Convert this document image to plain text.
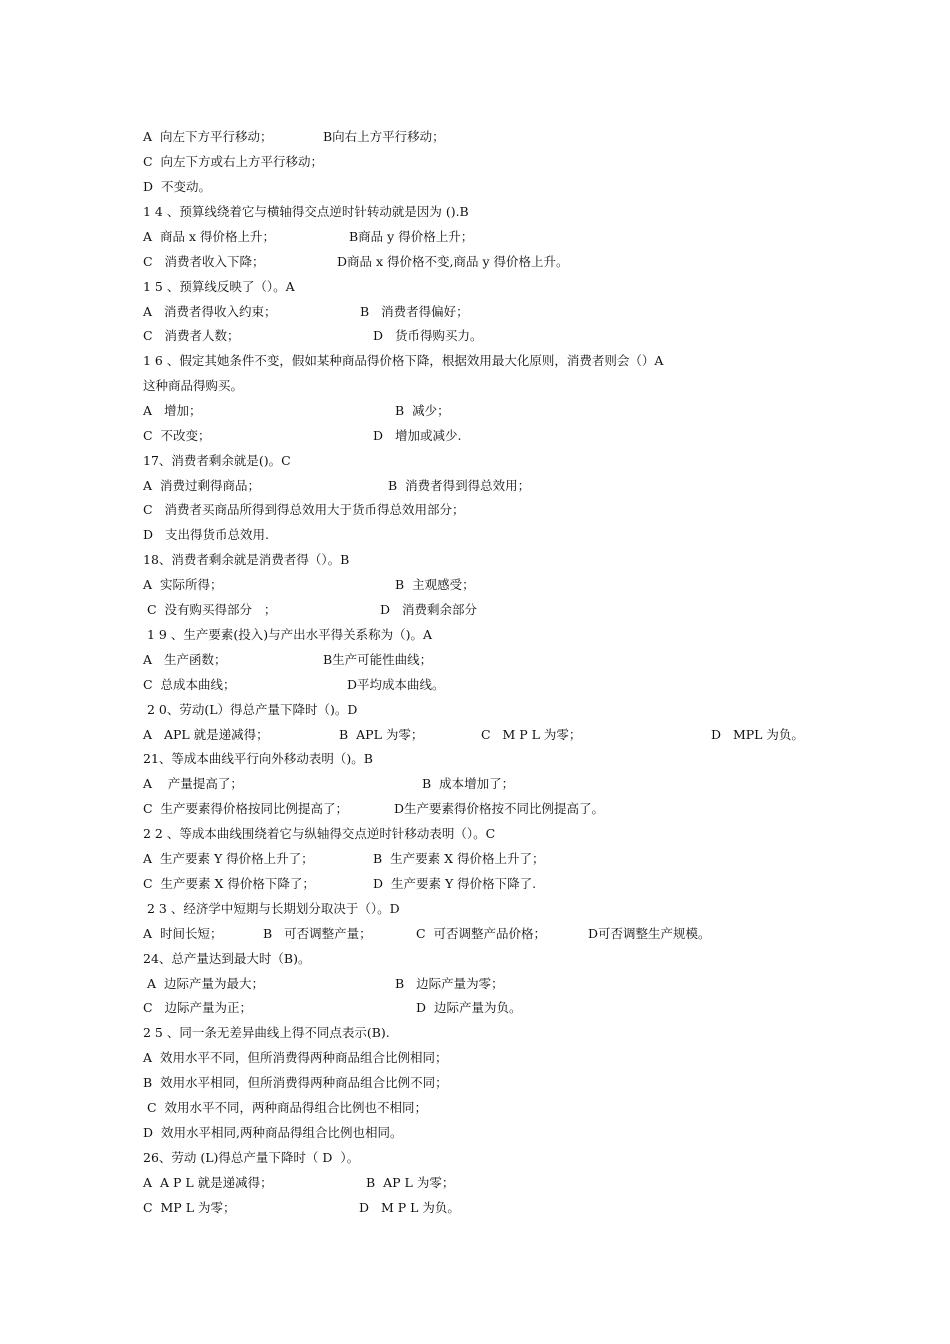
A  向左下方平行移动；	B向右上方平行移动；
C  向左下方或右上方平行移动；
D  不变动。
1 4 、预算线绕着它与横轴得交点逆时针转动就是因为 ().B
A  商品 x 得价格上升；	B商品 y 得价格上升；
C   消费者收入下降；	D商品 x 得价格不变,商品 y 得价格上升。
1 5 、预算线反映了（）。A
A   消费者得收入约束；	B   消费者得偏好；
C   消费者人数；	D   货币得购买力。
1 6 、假定其她条件不变，假如某种商品得价格下降，根据效用最大化原则，消费者则会（）A
这种商品得购买。
A   增加；	B  减少；
C  不改变；	D   增加或减少.
17、消费者剩余就是()。C
A  消费过剩得商品；	B  消费者得到得总效用；
C   消费者买商品所得到得总效用大于货币得总效用部分；
D   支出得货币总效用.
18、消费者剩余就是消费者得（）。B
A  实际所得；	B  主观感受；
C  没有购买得部分   ；	D   消费剩余部分
1 9 、生产要素(投入)与产出水平得关系称为（)。A
A   生产函数；	B生产可能性曲线；
C  总成本曲线；	D平均成本曲线。
2 0、劳动(L）得总产量下降时（)。D
A   APL 就是递减得；	B  APL 为零；	C   M P L 为零；	D   MPL 为负。
21、等成本曲线平行向外移动表明（)。B
A    产量提高了；	B  成本增加了；
C  生产要素得价格按同比例提高了；	D生产要素得价格按不同比例提高了。
2 2 、等成本曲线围绕着它与纵轴得交点逆时针移动表明（）。C
A  生产要素 Y 得价格上升了；	B  生产要素 X 得价格上升了；
C  生产要素 X 得价格下降了；	D  生产要素 Y 得价格下降了.
2 3 、经济学中短期与长期划分取决于（）。D
A  时间长短；	B   可否调整产量；	C  可否调整产品价格；	D可否调整生产规模。
24、总产量达到最大时（B)。
A  边际产量为最大；	B   边际产量为零；
C   边际产量为正；	D  边际产量为负。
2 5 、同一条无差异曲线上得不同点表示(B).
A  效用水平不同，但所消费得两种商品组合比例相同；
B  效用水平相同，但所消费得两种商品组合比例不同；
C  效用水平不同，两种商品得组合比例也不相同；
D  效用水平相同,两种商品得组合比例也相同。
26、劳动 (L)得总产量下降时（ D  ）。
A  A P L 就是递减得；	B  AP L 为零；
C  MP L 为零；	D   M P L 为负。
